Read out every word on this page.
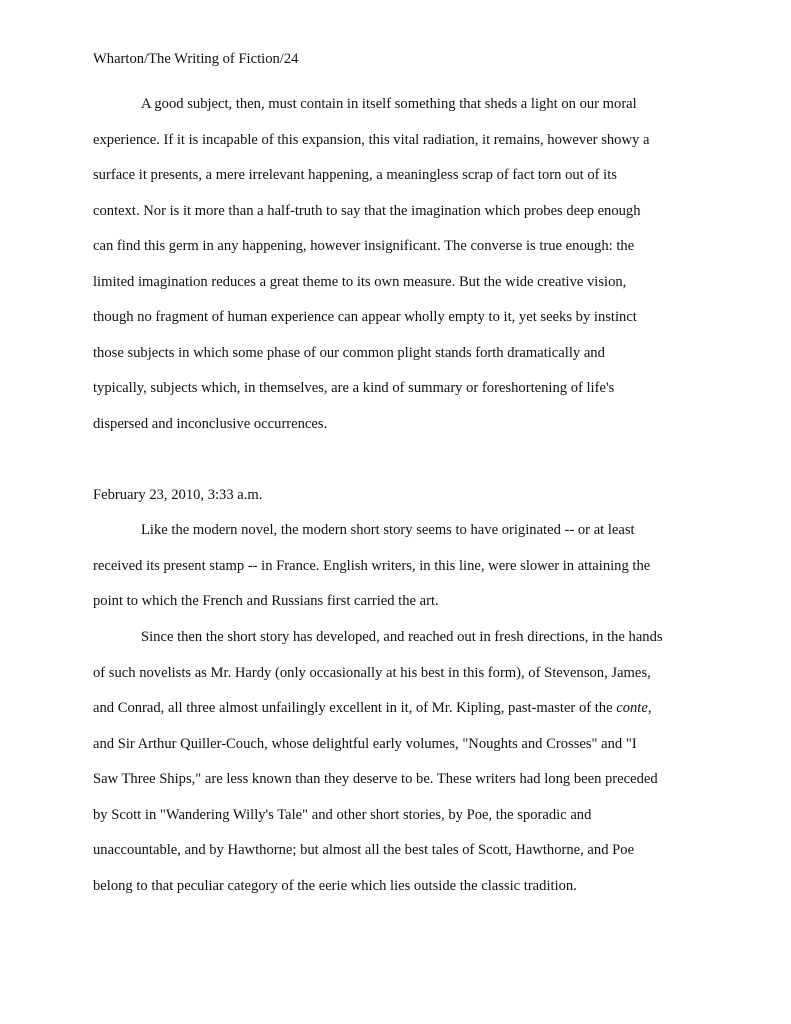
Wharton/The Writing of Fiction/24
A good subject, then, must contain in itself something that sheds a light on our moral
experience. If it is incapable of this expansion, this vital radiation, it remains, however showy a
surface it presents, a mere irrelevant happening, a meaningless scrap of fact torn out of its
context. Nor is it more than a half-truth to say that the imagination which probes deep enough
can find this germ in any happening, however insignificant. The converse is true enough: the
limited imagination reduces a great theme to its own measure. But the wide creative vision,
though no fragment of human experience can appear wholly empty to it, yet seeks by instinct
those subjects in which some phase of our common plight stands forth dramatically and
typically, subjects which, in themselves, are a kind of summary or foreshortening of life's
dispersed and inconclusive occurrences.
February 23, 2010, 3:33 a.m.
Like the modern novel, the modern short story seems to have originated -- or at least
received its present stamp -- in France. English writers, in this line, were slower in attaining the
point to which the French and Russians first carried the art.
Since then the short story has developed, and reached out in fresh directions, in the hands
of such novelists as Mr. Hardy (only occasionally at his best in this form), of Stevenson, James,
and Conrad, all three almost unfailingly excellent in it, of Mr. Kipling, past-master of the conte,
and Sir Arthur Quiller-Couch, whose delightful early volumes, "Noughts and Crosses" and "I
Saw Three Ships," are less known than they deserve to be. These writers had long been preceded
by Scott in "Wandering Willy's Tale" and other short stories, by Poe, the sporadic and
unaccountable, and by Hawthorne; but almost all the best tales of Scott, Hawthorne, and Poe
belong to that peculiar category of the eerie which lies outside the classic tradition.
